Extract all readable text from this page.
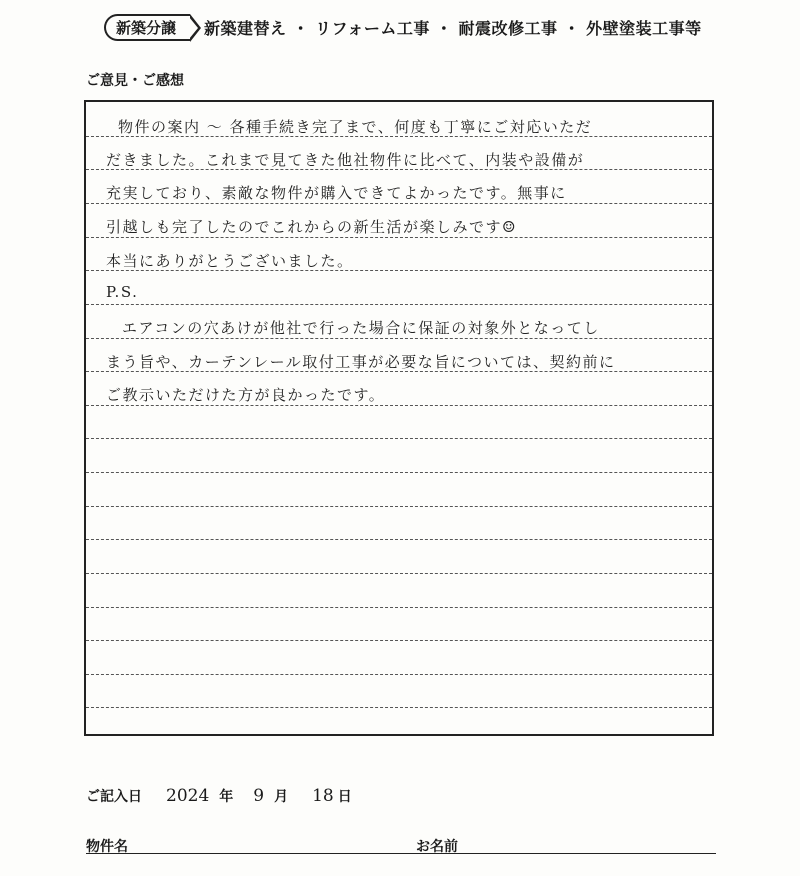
新築分譲	新築建替え ・ リフォーム工事 ・ 耐震改修工事 ・ 外壁塗装工事等
ご意見・ご感想
物件の案内 ～ 各種手続き完了まで、何度も丁寧にご対応いただ
だきました。これまで見てきた他社物件に比べて、内装や設備が
充実しており、素敵な物件が購入できてよかったです。無事に
引越しも完了したのでこれからの新生活が楽しみです☺
本当にありがとうございました。
P.S.
エアコンの穴あけが他社で行った場合に保証の対象外となってし
まう旨や、カーテンレール取付工事が必要な旨については、契約前に
ご教示いただけた方が良かったです。
ご記入日 2024 年 9 月 18 日
物件名	お名前
